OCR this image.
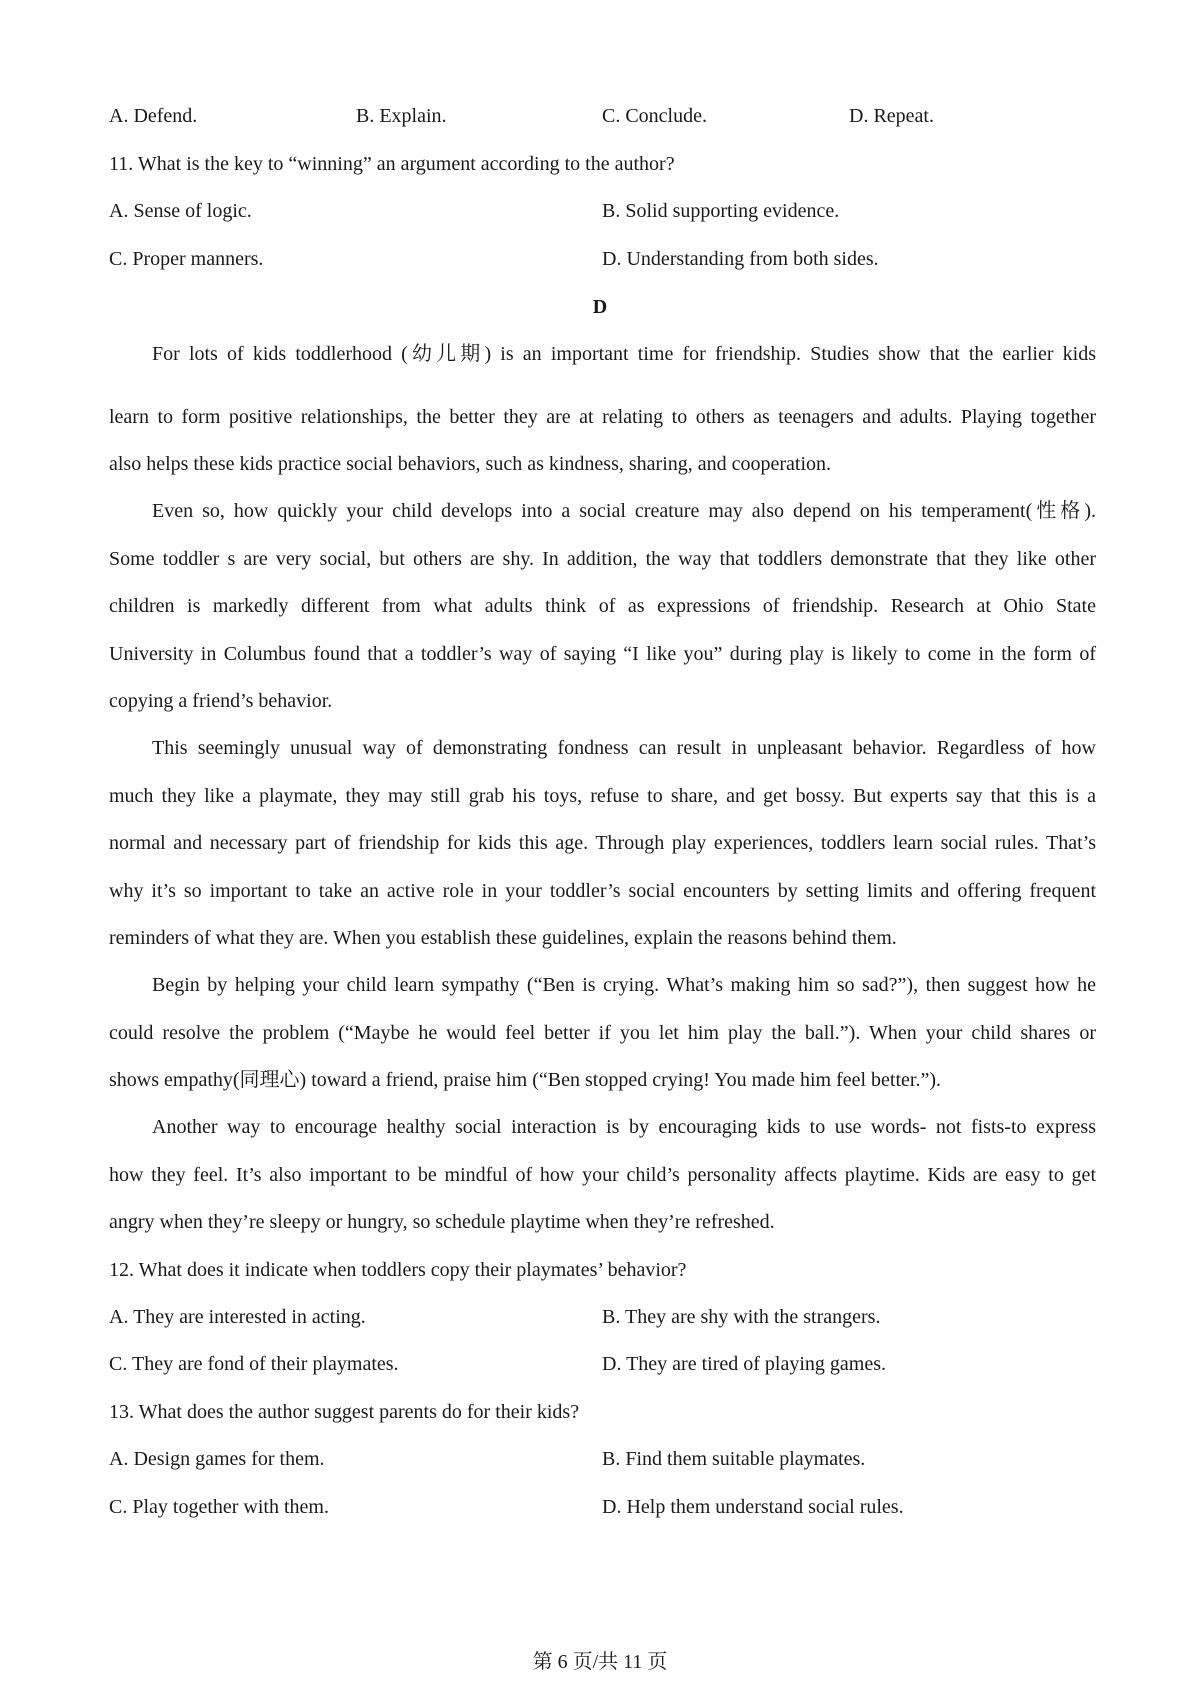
A. Defend.	B. Explain.	C. Conclude.	D. Repeat.
11. What is the key to “winning” an argument according to the author?
A. Sense of logic.	B. Solid supporting evidence.
C. Proper manners.	D. Understanding from both sides.
D
For lots of kids toddlerhood (幼儿期) is an important time for friendship. Studies show that the earlier kids
learn to form positive relationships, the better they are at relating to others as teenagers and adults. Playing together
also helps these kids practice social behaviors, such as kindness, sharing, and cooperation.
Even so, how quickly your child develops into a social creature may also depend on his temperament(性格).
Some toddler s are very social, but others are shy. In addition, the way that toddlers demonstrate that they like other
children is markedly different from what adults think of as expressions of friendship. Research at Ohio State
University in Columbus found that a toddler’s way of saying “I like you” during play is likely to come in the form of
copying a friend’s behavior.
This seemingly unusual way of demonstrating fondness can result in unpleasant behavior. Regardless of how
much they like a playmate, they may still grab his toys, refuse to share, and get bossy. But experts say that this is a
normal and necessary part of friendship for kids this age. Through play experiences, toddlers learn social rules. That’s
why it’s so important to take an active role in your toddler’s social encounters by setting limits and offering frequent
reminders of what they are. When you establish these guidelines, explain the reasons behind them.
Begin by helping your child learn sympathy (“Ben is crying. What’s making him so sad?”), then suggest how he
could resolve the problem (“Maybe he would feel better if you let him play the ball.”). When your child shares or
shows empathy(同理心) toward a friend, praise him (“Ben stopped crying! You made him feel better.”).
Another way to encourage healthy social interaction is by encouraging kids to use words- not fists-to express
how they feel. It’s also important to be mindful of how your child’s personality affects playtime. Kids are easy to get
angry when they’re sleepy or hungry, so schedule playtime when they’re refreshed.
12. What does it indicate when toddlers copy their playmates’ behavior?
A. They are interested in acting.	B. They are shy with the strangers.
C. They are fond of their playmates.	D. They are tired of playing games.
13. What does the author suggest parents do for their kids?
A. Design games for them.	B. Find them suitable playmates.
C. Play together with them.	D. Help them understand social rules.
第 6 页/共 11 页
